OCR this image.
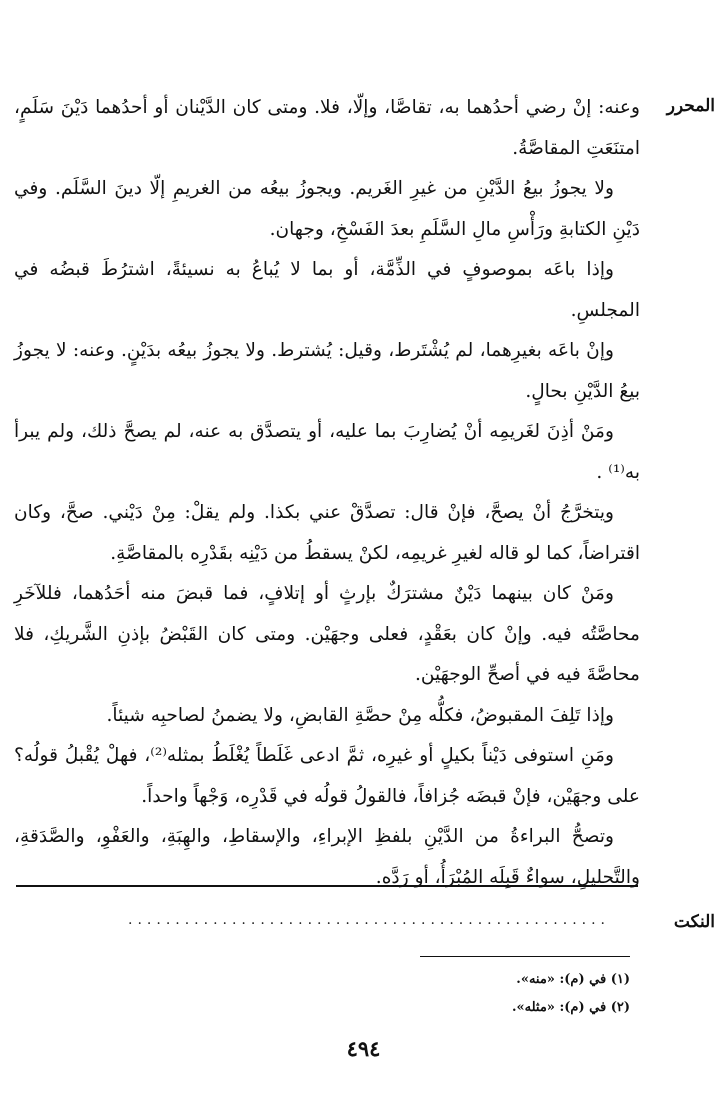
المحرر

وعنه: إنْ رضي أحدُهما به، تقاصَّا، وإلّا، فلا. ومتى كان الدَّيْنان أو أحدُهما دَيْنَ سَلَمٍ، امتنَعَتِ المقاصَّةُ.

ولا يجوزُ بيعُ الدَّيْنِ من غيرِ الغَريم. ويجوزُ بيعُه من الغريمِ إلّا دينَ السَّلَم. وفي دَيْنِ الكتابةِ ورَأْسِ مالِ السَّلَمِ بعدَ الفَسْخِ، وجهان.

وإذا باعَه بموصوفٍ في الذِّمَّة، أو بما لا يُباعُ به نسيئةً، اشترُطَ قبضُه في المجلسِ.

وإنْ باعَه بغيرِهما، لم يُشْتَرط، وقيل: يُشترط. ولا يجوزُ بيعُه بدَيْنٍ. وعنه: لا يجوزُ بيعُ الدَّيْنِ بحالٍ.

ومَنْ أذِنَ لغَريمِه أنْ يُضارِبَ بما عليه، أو يتصدَّق به عنه، لم يصحَّ ذلك، ولم يبرأ به⁽¹⁾ .

ويتخرَّجُ أنْ يصحَّ، فإنْ قال: تصدَّقْ عني بكذا. ولم يقلْ: مِنْ دَيْني. صحَّ، وكان اقتراضاً، كما لو قاله لغيرِ غريمِه، لكنْ يسقطُ من دَيْنِه بقَدْرِه بالمقاصَّةِ.

ومَنْ كان بينهما دَيْنٌ مشترَكٌ بإرثٍ أو إتلافٍ، فما قبضَ منه أحَدُهما، فللآخَرِ محاصَّتُه فيه. وإنْ كان بعَقْدٍ، فعلى وجهَيْن. ومتى كان القَبْضُ بإذنِ الشَّريكِ، فلا محاصَّةَ فيه في أصحِّ الوجهَيْن.

وإذا تَلِفَ المقبوضُ، فكلُّه مِنْ حصَّةِ القابضِ، ولا يضمنُ لصاحبِه شيئاً.

ومَنِ استوفى دَيْناً بكيلٍ أو غيرِه، ثمَّ ادعى غَلَطاً يُغْلَطُ بمثله⁽²⁾، فهلْ يُقْبلُ قولُه؟ على وجهَيْن، فإنْ قبضَه جُزافاً، فالقولُ قولُه في قَدْرِه، وَجْهاً واحداً.

وتصحُّ البراءةُ من الدَّيْنِ بلفظِ الإبراءِ، والإسقاطِ، والهِبَةِ، والعَفْوِ، والصَّدَقةِ، والتَّحليلِ، سواءٌ قَبِلَه المُبْرَأُ، أو رَدَّه.

النكت
...................................................

(١) في (م): «منه».

(٢) في (م): «مثله».

٤٩٤
